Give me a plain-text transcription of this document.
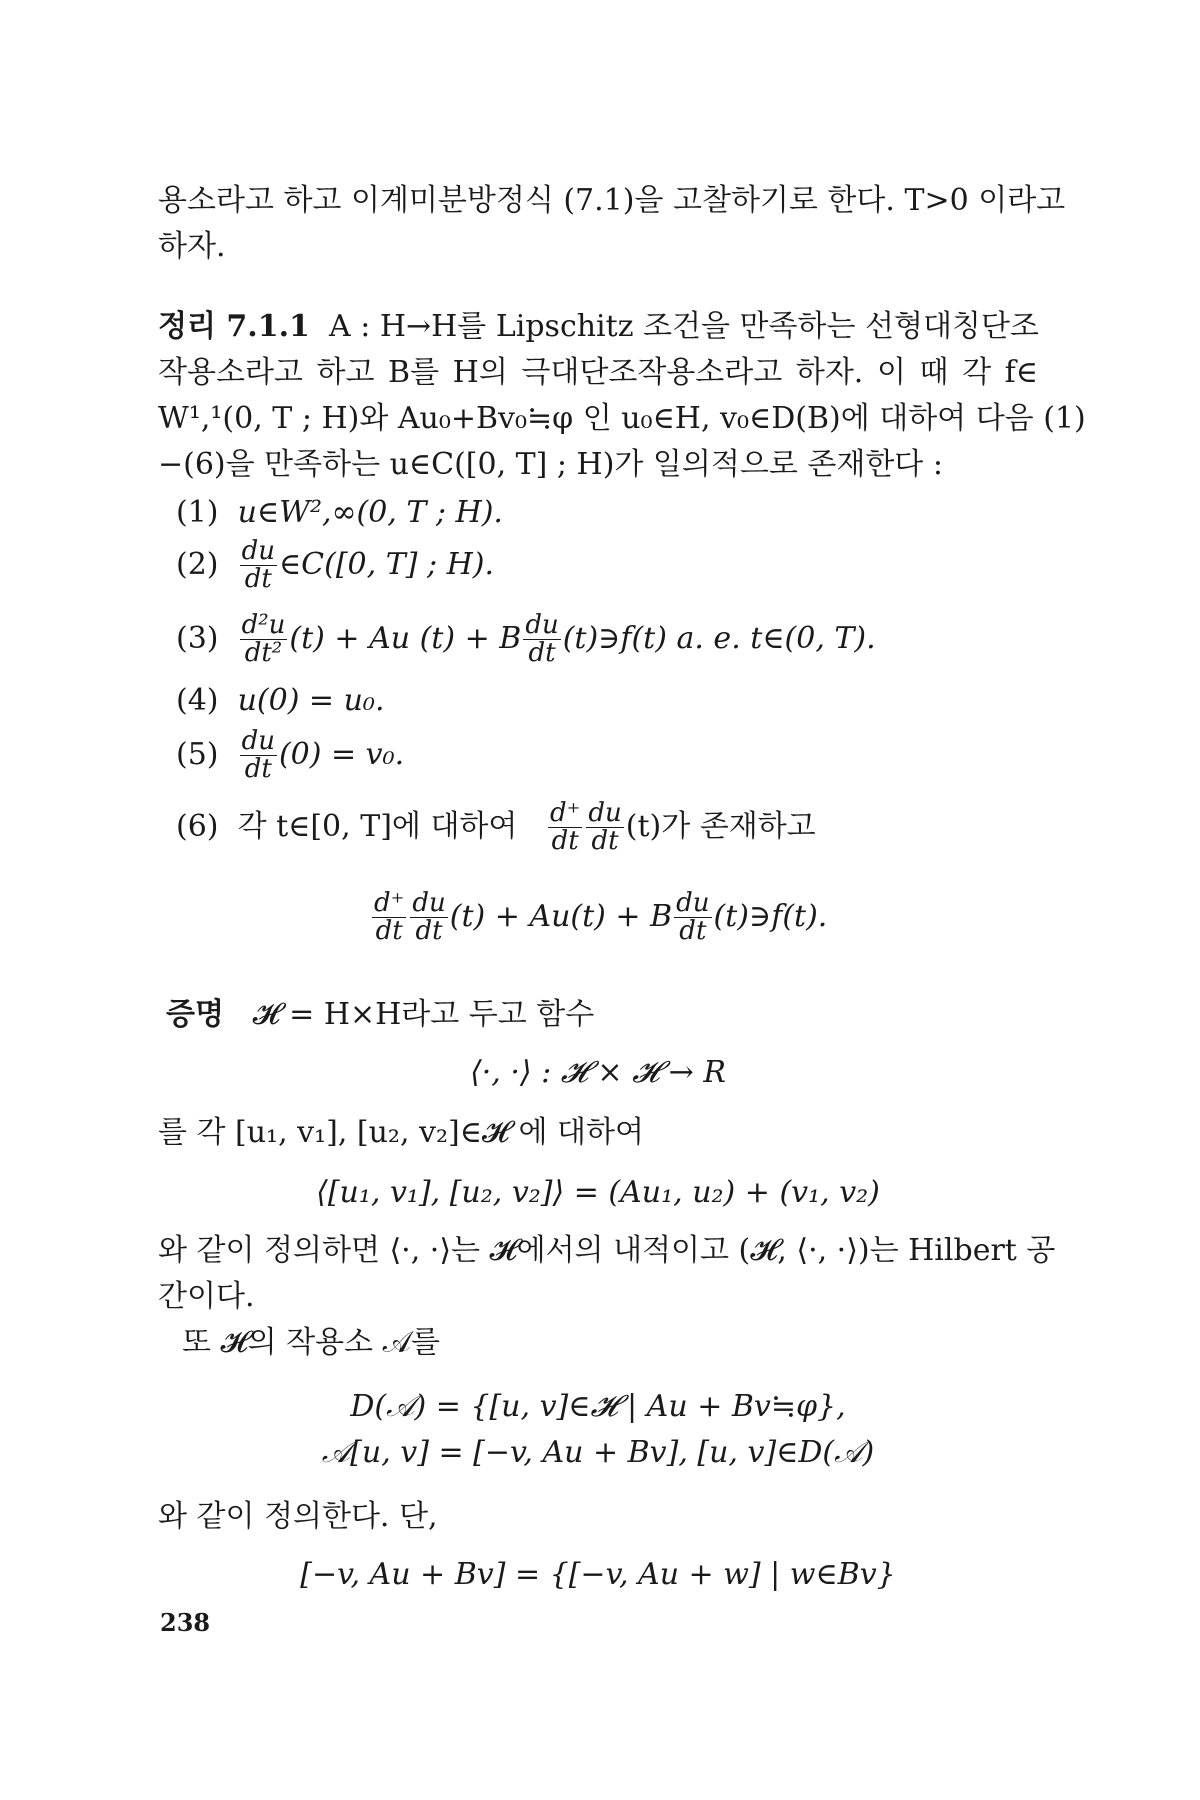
용소라고 하고 이계미분방정식 (7.1)을 고찰하기로 한다. T>0 이라고
하자.
정리 7.1.1 A : H→H를 Lipschitz 조건을 만족하는 선형대칭단조
작용소라고 하고 B를 H의 극대단조작용소라고 하자. 이 때 각 f∈
W¹,¹(0, T ; H)와 Au₀+Bv₀≒φ 인 u₀∈H, v₀∈D(B)에 대하여 다음 (1)
−(6)을 만족하는 u∈C([0, T] ; H)가 일의적으로 존재한다 :
(1) u∈W²,∞(0, T ; H).
$(2) \frac{du}{dt}$ ∈C([0, T] ; H).
$(3) \frac{\text{d²u}}{\text{dt²}} (t) + Au$ (t) + B $\frac{du}{dt}$ (t)∋f(t) a. e. t∈(0, T).
(4) u(0) = u₀.
$(5) \frac{du}{dt} (0) = v_0$.
(6) 각 t∈[0, T]에 대하여 $\frac{d^+}{dt} \frac{du}{dt} (t)$가 존재하고
$\frac{d^+}{dt} \frac{du}{dt} (t) + Au(t) + B \frac{du}{dt}$ (t)∋f(t).
증명 𝓗 = H×H라고 두고 함수
⟨·, ·⟩ : 𝓗 × 𝓗 → R
를 각 [u₁, v₁], [u₂, v₂]∈𝓗 에 대하여
⟨[u₁, v₁], [u₂, v₂]⟩ = (Au₁, u₂) + (v₁, v₂)
와 같이 정의하면 ⟨·, ·⟩는 𝓗에서의 내적이고 (𝓗, ⟨·, ·⟩)는 Hilbert 공
간이다.
또 𝓗의 작용소 𝒜를
D(𝒜) = {[u, v]∈𝓗 | Au + Bv≒φ},
𝒜[u, v] = [−v, Au + Bv], [u, v]∈D(𝒜)
와 같이 정의한다. 단,
[−v, Au + Bv] = {[−v, Au + w] | w∈Bv}
238
